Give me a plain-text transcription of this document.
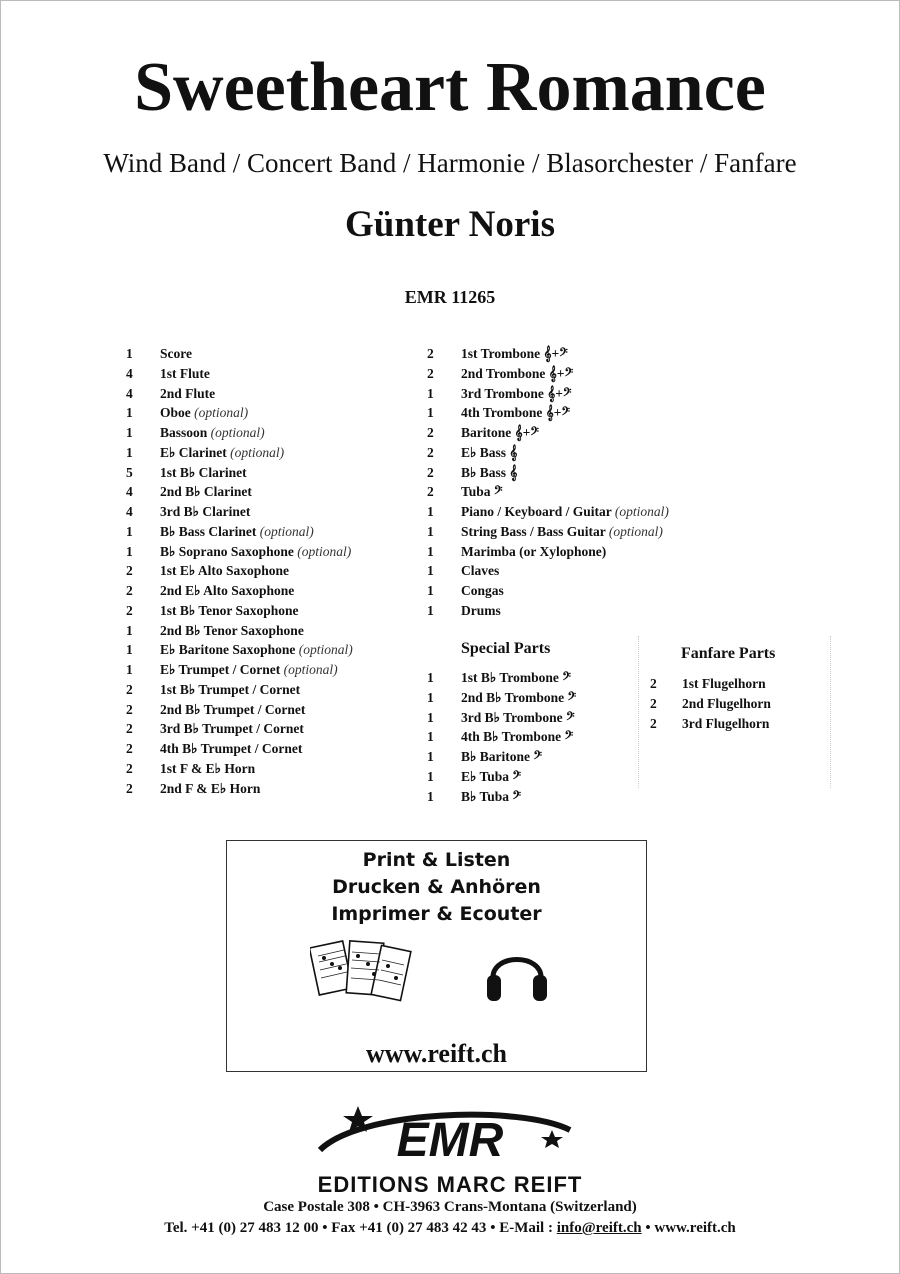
Sweetheart Romance
Wind Band / Concert Band / Harmonie / Blasorchester / Fanfare
Günter Noris
EMR 11265
1	Score
4	1st Flute
4	2nd Flute
1	Oboe (optional)
1	Bassoon (optional)
1	E♭ Clarinet (optional)
5	1st B♭ Clarinet
4	2nd B♭ Clarinet
4	3rd B♭ Clarinet
1	B♭ Bass Clarinet (optional)
1	B♭ Soprano Saxophone (optional)
2	1st E♭ Alto Saxophone
2	2nd E♭ Alto Saxophone
2	1st B♭ Tenor Saxophone
1	2nd B♭ Tenor Saxophone
1	E♭ Baritone Saxophone (optional)
1	E♭ Trumpet / Cornet (optional)
2	1st B♭ Trumpet / Cornet
2	2nd B♭ Trumpet / Cornet
2	3rd B♭ Trumpet / Cornet
2	4th B♭ Trumpet / Cornet
2	1st F & E♭ Horn
2	2nd F & E♭ Horn
2	1st Trombone 𝄞+𝄢
2	2nd Trombone 𝄞+𝄢
1	3rd Trombone 𝄞+𝄢
1	4th Trombone 𝄞+𝄢
2	Baritone 𝄞+𝄢
2	E♭ Bass 𝄞
2	B♭ Bass 𝄞
2	Tuba 𝄢
1	Piano / Keyboard / Guitar (optional)
1	String Bass / Bass Guitar (optional)
1	Marimba (or Xylophone)
1	Claves
1	Congas
1	Drums
Special Parts
1	1st B♭ Trombone 𝄢
1	2nd B♭ Trombone 𝄢
1	3rd B♭ Trombone 𝄢
1	4th B♭ Trombone 𝄢
1	B♭ Baritone 𝄢
1	E♭ Tuba 𝄢
1	B♭ Tuba 𝄢
Fanfare Parts
2	1st Flugelhorn
2	2nd Flugelhorn
2	3rd Flugelhorn
Print & Listen
Drucken & Anhören
Imprimer & Ecouter
www.reift.ch
EMR
EDITIONS MARC REIFT
Case Postale 308 • CH-3963 Crans-Montana (Switzerland)
Tel. +41 (0) 27 483 12 00 • Fax +41 (0) 27 483 42 43 • E-Mail : info@reift.ch • www.reift.ch
